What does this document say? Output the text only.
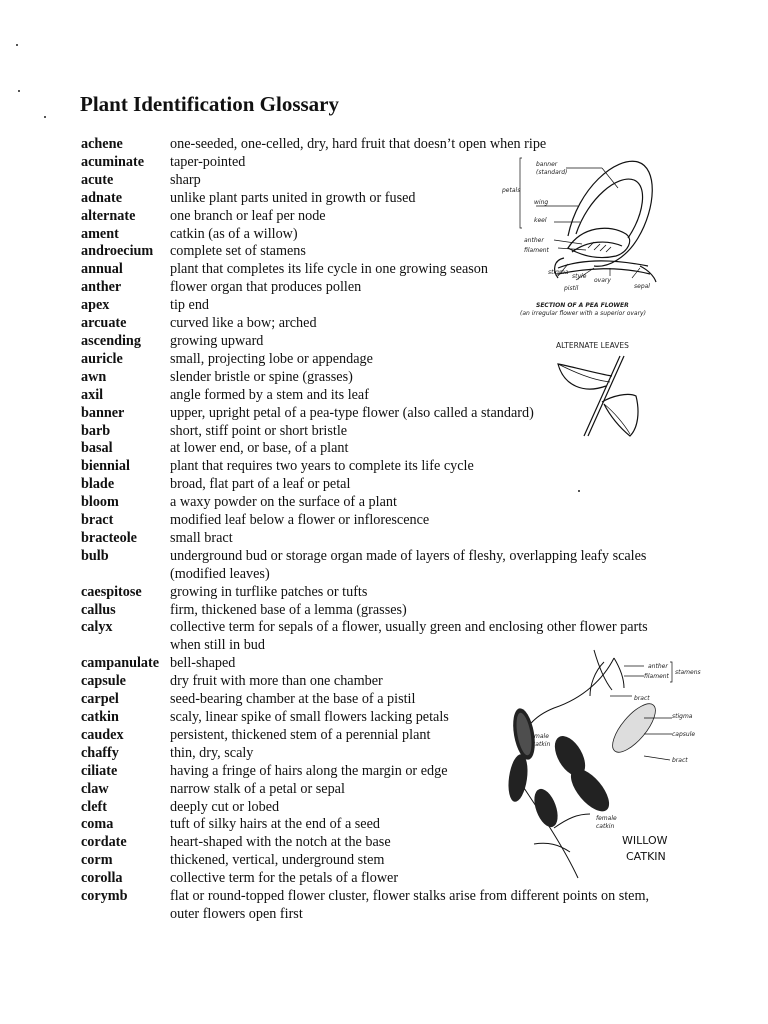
Plant Identification Glossary
achene	one-seeded, one-celled, dry, hard fruit that doesn’t open when ripe
acuminate	taper-pointed
acute	sharp
adnate	unlike plant parts united in growth or fused
alternate	one branch or leaf per node
ament	catkin (as of a willow)
androecium	complete set of stamens
annual	plant that completes its life cycle in one growing season
anther	flower organ that produces pollen
apex	tip end
arcuate	curved like a bow; arched
ascending	growing upward
auricle	small, projecting lobe or appendage
awn	slender bristle or spine (grasses)
axil	angle formed by a stem and its leaf
banner	upper, upright petal of a pea-type flower (also called a standard)
barb	short, stiff point or short bristle
basal	at lower end, or base, of a plant
biennial	plant that requires two years to complete its life cycle
blade	broad, flat part of a leaf or petal
bloom	a waxy powder on the surface of a plant
bract	modified leaf below a flower or inflorescence
bracteole	small bract
bulb	underground bud or storage organ made of layers of fleshy, overlapping leafy scales (modified leaves)
caespitose	growing in turflike patches or tufts
callus	firm, thickened base of a lemma (grasses)
calyx	collective term for sepals of a flower, usually green and enclosing other flower parts when still in bud
campanulate bell-shaped
capsule	dry fruit with more than one chamber
carpel	seed-bearing chamber at the base of a pistil
catkin	scaly, linear spike of small flowers lacking petals
caudex	persistent, thickened stem of a perennial plant
chaffy	thin, dry, scaly
ciliate	having a fringe of hairs along the margin or edge
claw	narrow stalk of a petal or sepal
cleft	deeply cut or lobed
coma	tuft of silky hairs at the end of a seed
cordate	heart-shaped with the notch at the base
corm	thickened, vertical, underground stem
corolla	collective term for the petals of a flower
corymb	flat or round-topped flower cluster, flower stalks arise from different points on stem, outer flowers open first
banner
(standard)
petals
wing
keel
anther
filament
stigma
style
ovary
pistil	sepal
SECTION OF A PEA FLOWER
(an irregular flower with a superior ovary)
ALTERNATE LEAVES
anther
filament
stamens
bract
stigma
capsule
bract
male
catkin
female
catkin
WILLOW
CATKIN
